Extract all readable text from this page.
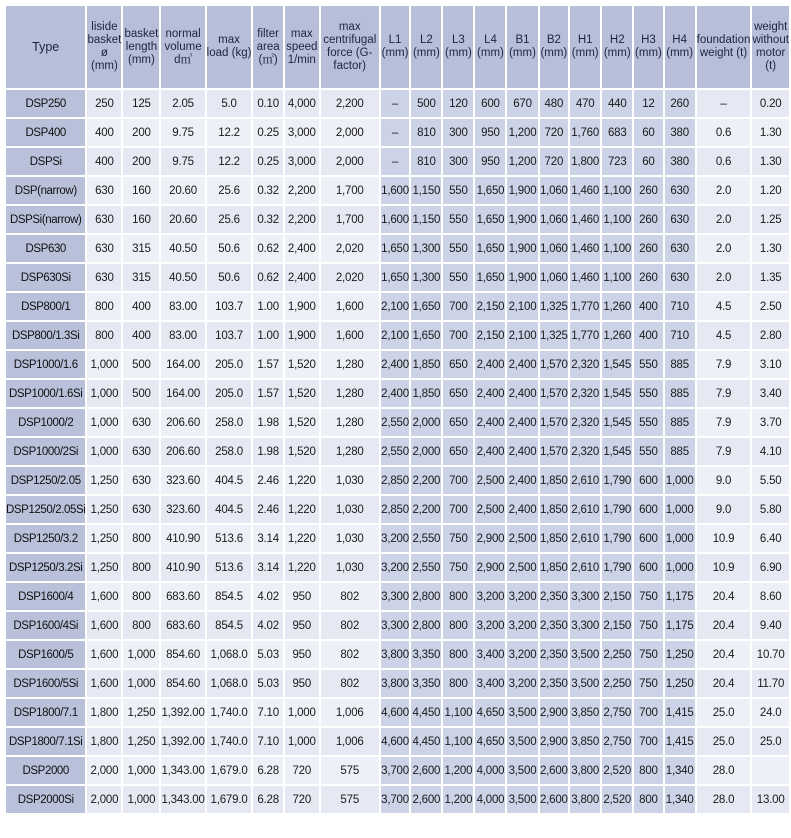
Type	liside basket ø (mm)	basket length (mm)	normal volume d㎥	max load (kg)	filter area (㎡)	max speed 1/min	max centrifugal force (G-factor)	L1 (mm)	L2 (mm)	L3 (mm)	L4 (mm)	B1 (mm)	B2 (mm)	H1 (mm)	H2 (mm)	H3 (mm)	H4 (mm)	foundation weight (t)	weight without motor (t)
DSP250	250	125	2.05	5.0	0.10	4,000	2,200	–	500	120	600	670	480	470	440	12	260	–	0.20
DSP400	400	200	9.75	12.2	0.25	3,000	2,000	–	810	300	950	1,200	720	1,760	683	60	380	0.6	1.30
DSPSi	400	200	9.75	12.2	0.25	3,000	2,000	–	810	300	950	1,200	720	1,800	723	60	380	0.6	1.30
DSP(narrow)	630	160	20.60	25.6	0.32	2,200	1,700	1,600	1,150	550	1,650	1,900	1,060	1,460	1,100	260	630	2.0	1.20
DSPSi(narrow)	630	160	20.60	25.6	0.32	2,200	1,700	1,600	1,150	550	1,650	1,900	1,060	1,460	1,100	260	630	2.0	1.25
DSP630	630	315	40.50	50.6	0.62	2,400	2,020	1,650	1,300	550	1,650	1,900	1,060	1,460	1,100	260	630	2.0	1.30
DSP630Si	630	315	40.50	50.6	0.62	2,400	2,020	1,650	1,300	550	1,650	1,900	1,060	1,460	1,100	260	630	2.0	1.35
DSP800/1	800	400	83.00	103.7	1.00	1,900	1,600	2,100	1,650	700	2,150	2,100	1,325	1,770	1,260	400	710	4.5	2.50
DSP800/1.3Si	800	400	83.00	103.7	1.00	1,900	1,600	2,100	1,650	700	2,150	2,100	1,325	1,770	1,260	400	710	4.5	2.80
DSP1000/1.6	1,000	500	164.00	205.0	1.57	1,520	1,280	2,400	1,850	650	2,400	2,400	1,570	2,320	1,545	550	885	7.9	3.10
DSP1000/1.6Si	1,000	500	164.00	205.0	1.57	1,520	1,280	2,400	1,850	650	2,400	2,400	1,570	2,320	1,545	550	885	7.9	3.40
DSP1000/2	1,000	630	206.60	258.0	1.98	1,520	1,280	2,550	2,000	650	2,400	2,400	1,570	2,320	1,545	550	885	7.9	3.70
DSP1000/2Si	1,000	630	206.60	258.0	1.98	1,520	1,280	2,550	2,000	650	2,400	2,400	1,570	2,320	1,545	550	885	7.9	4.10
DSP1250/2.05	1,250	630	323.60	404.5	2.46	1,220	1,030	2,850	2,200	700	2,500	2,400	1,850	2,610	1,790	600	1,000	9.0	5.50
DSP1250/2.05Si	1,250	630	323.60	404.5	2.46	1,220	1,030	2,850	2,200	700	2,500	2,400	1,850	2,610	1,790	600	1,000	9.0	5.80
DSP1250/3.2	1,250	800	410.90	513.6	3.14	1,220	1,030	3,200	2,550	750	2,900	2,500	1,850	2,610	1,790	600	1,000	10.9	6.40
DSP1250/3.2Si	1,250	800	410.90	513.6	3.14	1,220	1,030	3,200	2,550	750	2,900	2,500	1,850	2,610	1,790	600	1,000	10.9	6.90
DSP1600/4	1,600	800	683.60	854.5	4.02	950	802	3,300	2,800	800	3,200	3,200	2,350	3,300	2,150	750	1,175	20.4	8.60
DSP1600/4Si	1,600	800	683.60	854.5	4.02	950	802	3,300	2,800	800	3,200	3,200	2,350	3,300	2,150	750	1,175	20.4	9.40
DSP1600/5	1,600	1,000	854.60	1,068.0	5.03	950	802	3,800	3,350	800	3,400	3,200	2,350	3,500	2,250	750	1,250	20.4	10.70
DSP1600/5Si	1,600	1,000	854.60	1,068.0	5.03	950	802	3,800	3,350	800	3,400	3,200	2,350	3,500	2,250	750	1,250	20.4	11.70
DSP1800/7.1	1,800	1,250	1,392.00	1,740.0	7.10	1,000	1,006	4,600	4,450	1,100	4,650	3,500	2,900	3,850	2,750	700	1,415	25.0	24.0
DSP1800/7.1Si	1,800	1,250	1,392.00	1,740.0	7.10	1,000	1,006	4,600	4,450	1,100	4,650	3,500	2,900	3,850	2,750	700	1,415	25.0	25.0
DSP2000	2,000	1,000	1,343.00	1,679.0	6.28	720	575	3,700	2,600	1,200	4,000	3,500	2,600	3,800	2,520	800	1,340	28.0	
DSP2000Si	2,000	1,000	1,343.00	1,679.0	6.28	720	575	3,700	2,600	1,200	4,000	3,500	2,600	3,800	2,520	800	1,340	28.0	13.00
